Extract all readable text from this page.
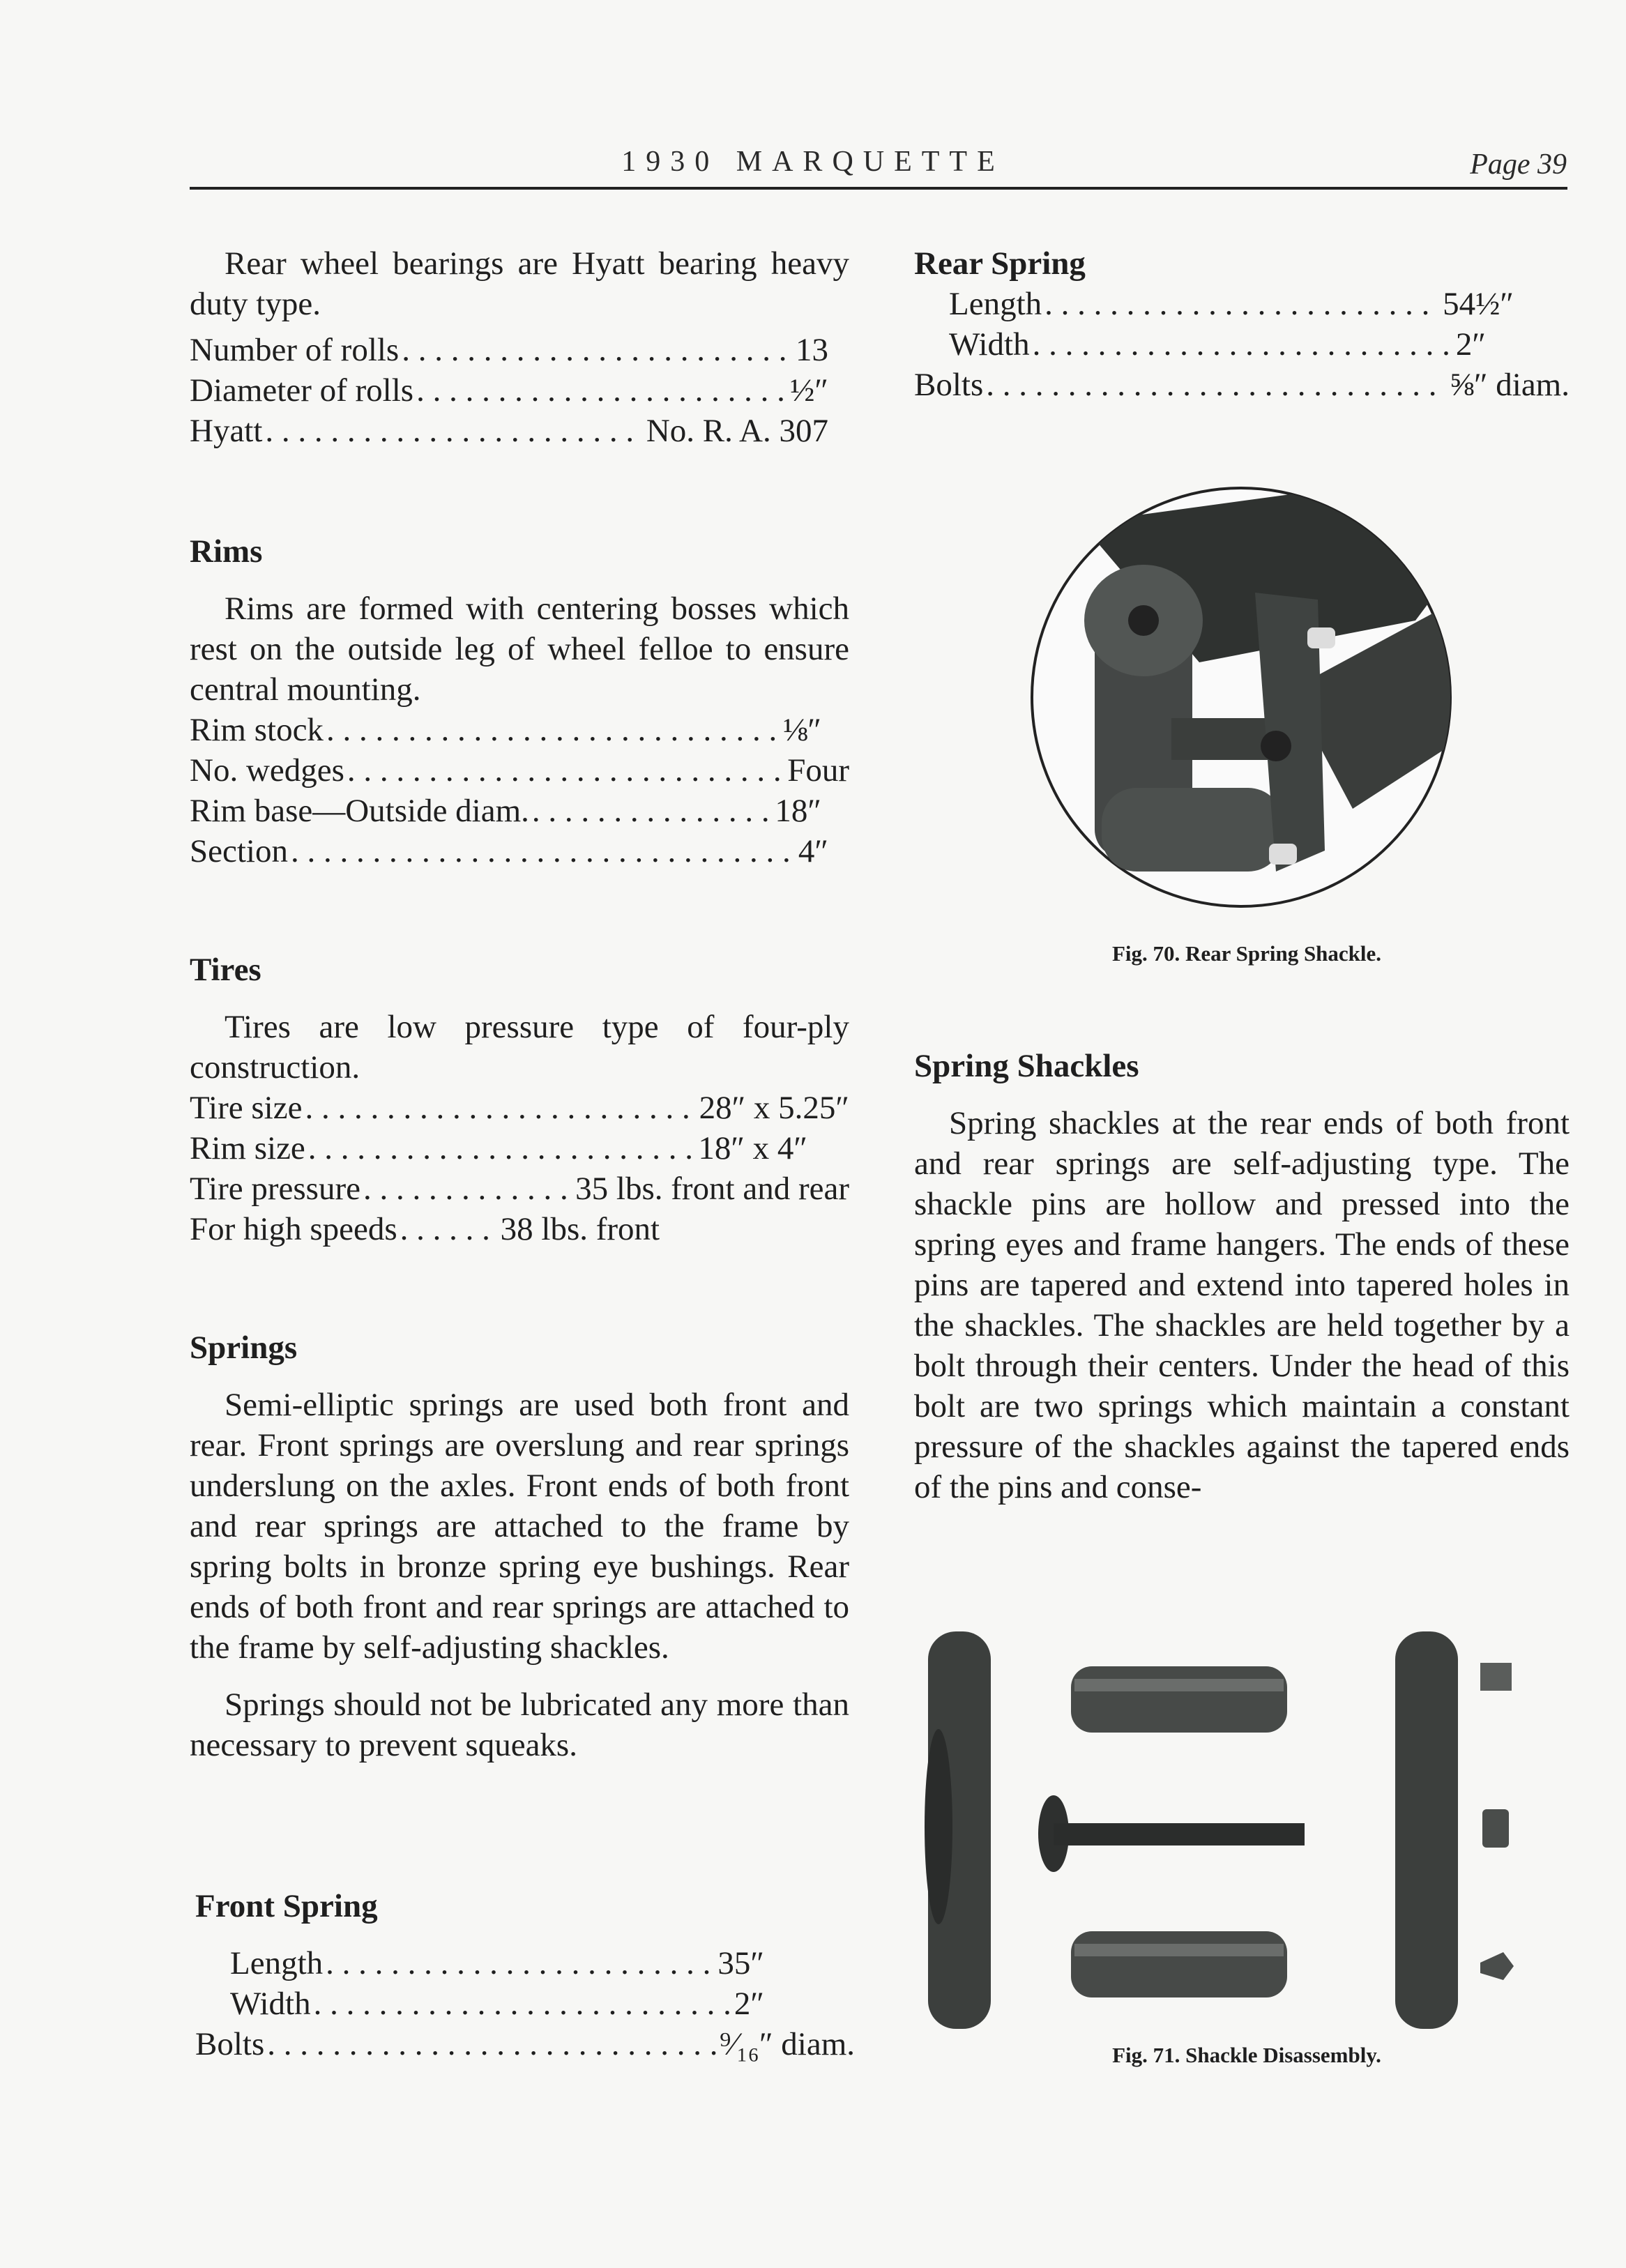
1930 MARQUETTE	Page 39

Rear wheel bearings are Hyatt bearing heavy duty type.

Number of rolls . . .	13
Diameter of rolls . . .	½″
Hyatt . . .	No. R. A. 307
Rims

Rims are formed with centering bosses which rest on the outside leg of wheel felloe to ensure central mounting.

Rim stock . . .	⅛″
No. wedges . . .	Four
Rim base—Outside diam. . . .	18″
Section . . .	4″
Tires

Tires are low pressure type of four-ply construction.

Tire size . . .	28″ x 5.25″
Rim size . . .	18″ x 4″
Tire pressure . . .	35 lbs. front and rear
For high speeds . . .	38 lbs. front
Springs

Semi-elliptic springs are used both front and rear. Front springs are overslung and rear springs underslung on the axles. Front ends of both front and rear springs are attached to the frame by spring bolts in bronze spring eye bushings. Rear ends of both front and rear springs are attached to the frame by self-adjusting shackles.

Springs should not be lubricated any more than necessary to prevent squeaks.

Front Spring
Length . . .	35″
Width . . .	2″
Bolts . . .	⁹⁄₁₆″ diam.
Rear Spring
Length . . .	54½″
Width . . .	2″
Bolts . . .	⅝″ diam.
Fig. 70. Rear Spring Shackle.
Spring Shackles

Spring shackles at the rear ends of both front and rear springs are self-adjusting type. The shackle pins are hollow and pressed into the spring eyes and frame hangers. The ends of these pins are tapered and extend into tapered holes in the shackles. The shackles are held together by a bolt through their centers. Under the head of this bolt are two springs which maintain a constant pressure of the shackles against the tapered ends of the pins and conse-

Fig. 71. Shackle Disassembly.
